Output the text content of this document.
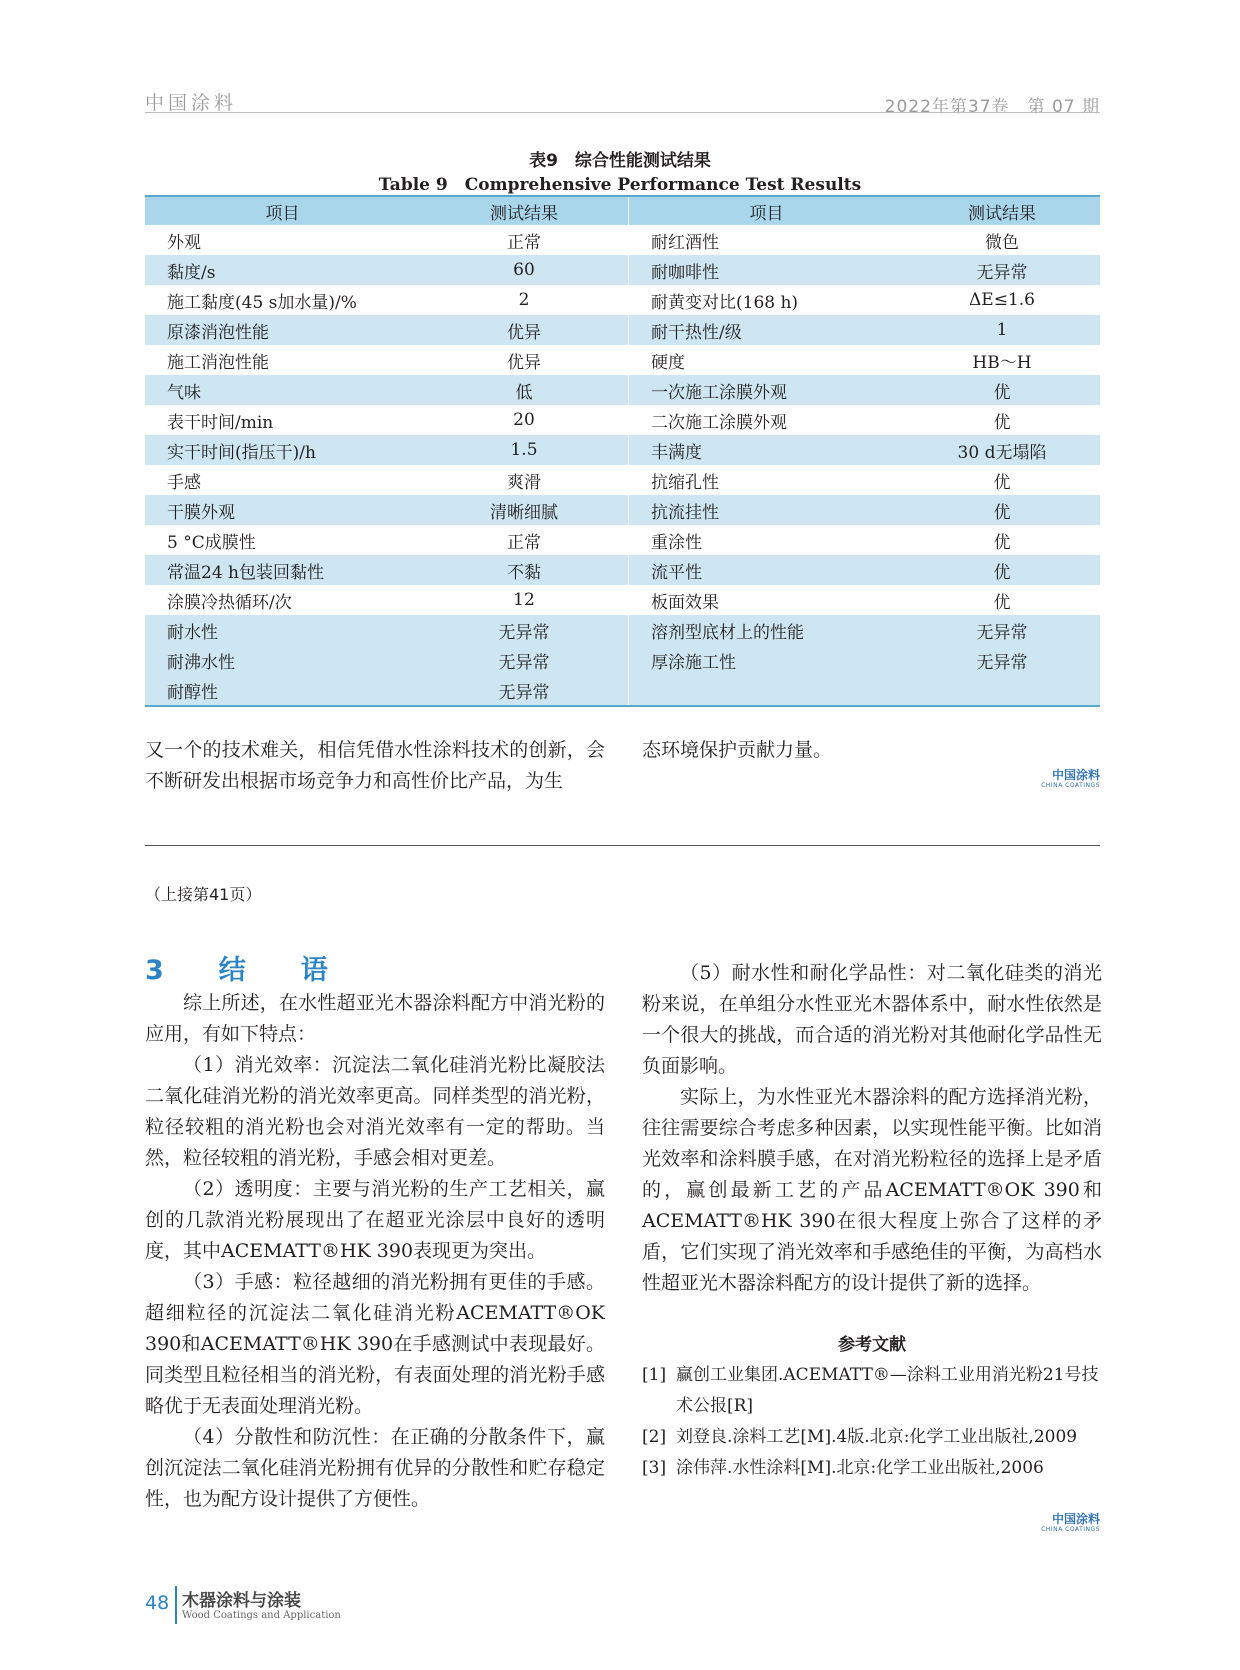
中国涂料	2022年第37卷　第 07 期
表9　综合性能测试结果
Table 9　Comprehensive Performance Test Results
项目	测试结果	项目	测试结果
外观	正常	耐红酒性	微色
黏度/s	60	耐咖啡性	无异常
施工黏度(45 s加水量)/%	2	耐黄变对比(168 h)	ΔE≤1.6
原漆消泡性能	优异	耐干热性/级	1
施工消泡性能	优异	硬度	HB～H
气味	低	一次施工涂膜外观	优
表干时间/min	20	二次施工涂膜外观	优
实干时间(指压干)/h	1.5	丰满度	30 d无塌陷
手感	爽滑	抗缩孔性	优
干膜外观	清晰细腻	抗流挂性	优
5 °C成膜性	正常	重涂性	优
常温24 h包装回黏性	不黏	流平性	优
涂膜冷热循环/次	12	板面效果	优
耐水性	无异常	溶剂型底材上的性能	无异常
耐沸水性	无异常	厚涂施工性	无异常
耐醇性	无异常		
又一个的技术难关，相信凭借水性涂料技术的创新，会不断研发出根据市场竞争力和高性价比产品，为生
态环境保护贡献力量。
中国涂料
CHINA COATINGS
（上接第41页）
3　结　语

综上所述，在水性超亚光木器涂料配方中消光粉的应用，有如下特点：

（1）消光效率：沉淀法二氧化硅消光粉比凝胶法二氧化硅消光粉的消光效率更高。同样类型的消光粉，粒径较粗的消光粉也会对消光效率有一定的帮助。当然，粒径较粗的消光粉，手感会相对更差。

（2）透明度：主要与消光粉的生产工艺相关，赢创的几款消光粉展现出了在超亚光涂层中良好的透明度，其中ACEMATT®HK 390表现更为突出。

（3）手感：粒径越细的消光粉拥有更佳的手感。超细粒径的沉淀法二氧化硅消光粉ACEMATT®OK 390和ACEMATT®HK 390在手感测试中表现最好。同类型且粒径相当的消光粉，有表面处理的消光粉手感略优于无表面处理消光粉。

（4）分散性和防沉性：在正确的分散条件下，赢创沉淀法二氧化硅消光粉拥有优异的分散性和贮存稳定性，也为配方设计提供了方便性。

（5）耐水性和耐化学品性：对二氧化硅类的消光粉来说，在单组分水性亚光木器体系中，耐水性依然是一个很大的挑战，而合适的消光粉对其他耐化学品性无负面影响。

实际上，为水性亚光木器涂料的配方选择消光粉，往往需要综合考虑多种因素，以实现性能平衡。比如消光效率和涂料膜手感，在对消光粉粒径的选择上是矛盾的，赢创最新工艺的产品ACEMATT®OK 390和ACEMATT®HK 390在很大程度上弥合了这样的矛盾，它们实现了消光效率和手感绝佳的平衡，为高档水性超亚光木器涂料配方的设计提供了新的选择。

参考文献
[1] 赢创工业集团.ACEMATT®—涂料工业用消光粉21号技术公报[R]
[2] 刘登良.涂料工艺[M].4版.北京:化学工业出版社,2009
[3] 涂伟萍.水性涂料[M].北京:化学工业出版社,2006
中国涂料
CHINA COATINGS
48 木器涂料与涂装
Wood Coatings and Application
